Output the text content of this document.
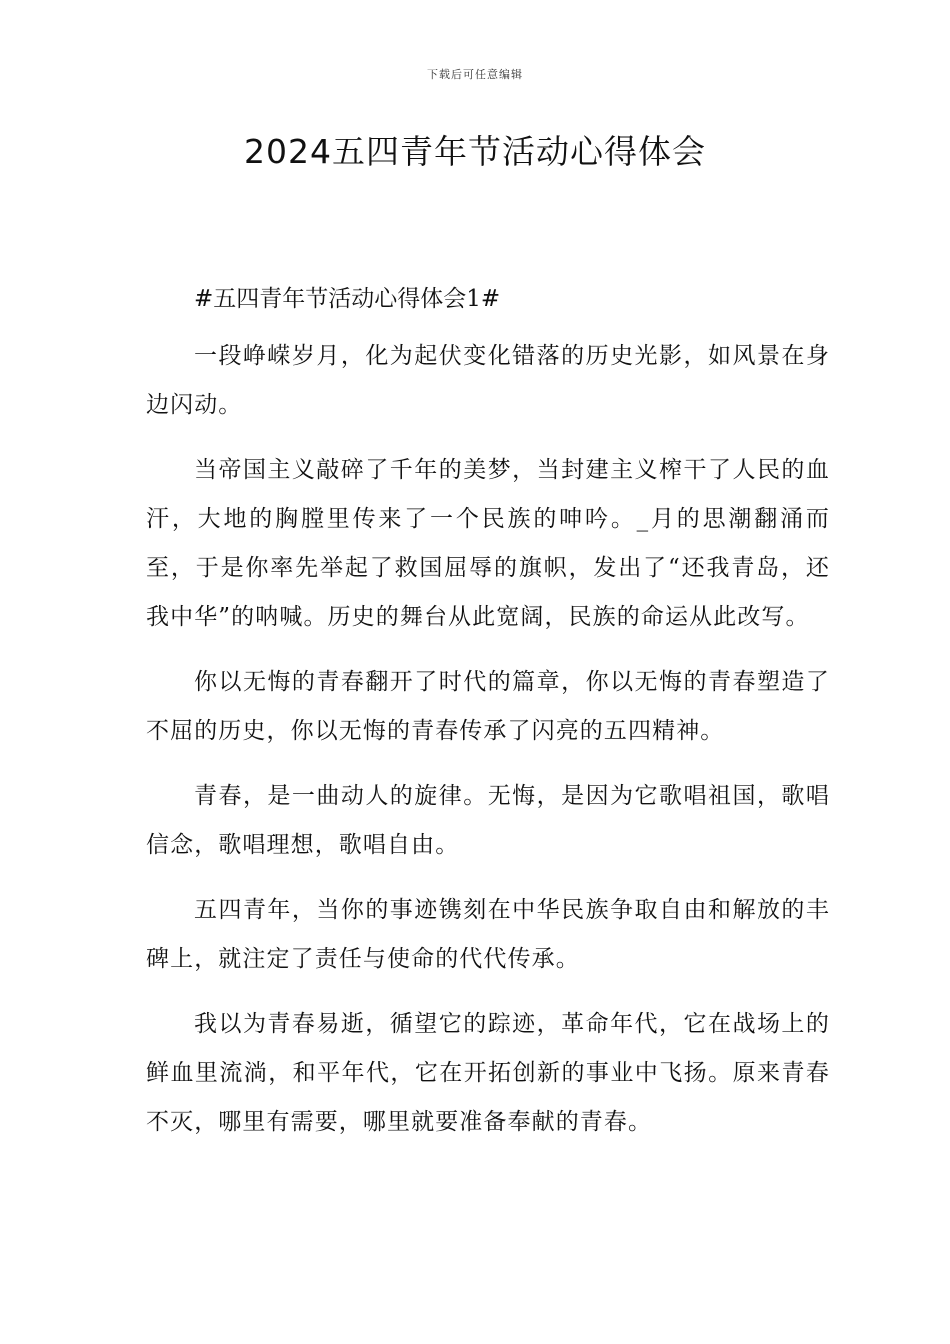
下载后可任意编辑
2024五四青年节活动心得体会
#五四青年节活动心得体会1#

一段峥嵘岁月，化为起伏变化错落的历史光影，如风景在身边闪动。

当帝国主义敲碎了千年的美梦，当封建主义榨干了人民的血汗，大地的胸膛里传来了一个民族的呻吟。_月的思潮翻涌而至，于是你率先举起了救国屈辱的旗帜，发出了“还我青岛，还我中华”的呐喊。历史的舞台从此宽阔，民族的命运从此改写。

你以无悔的青春翻开了时代的篇章，你以无悔的青春塑造了不屈的历史，你以无悔的青春传承了闪亮的五四精神。

青春，是一曲动人的旋律。无悔，是因为它歌唱祖国，歌唱信念，歌唱理想，歌唱自由。

五四青年，当你的事迹镌刻在中华民族争取自由和解放的丰碑上，就注定了责任与使命的代代传承。

我以为青春易逝，循望它的踪迹，革命年代，它在战场上的鲜血里流淌，和平年代，它在开拓创新的事业中飞扬。原来青春不灭，哪里有需要，哪里就要准备奉献的青春。
